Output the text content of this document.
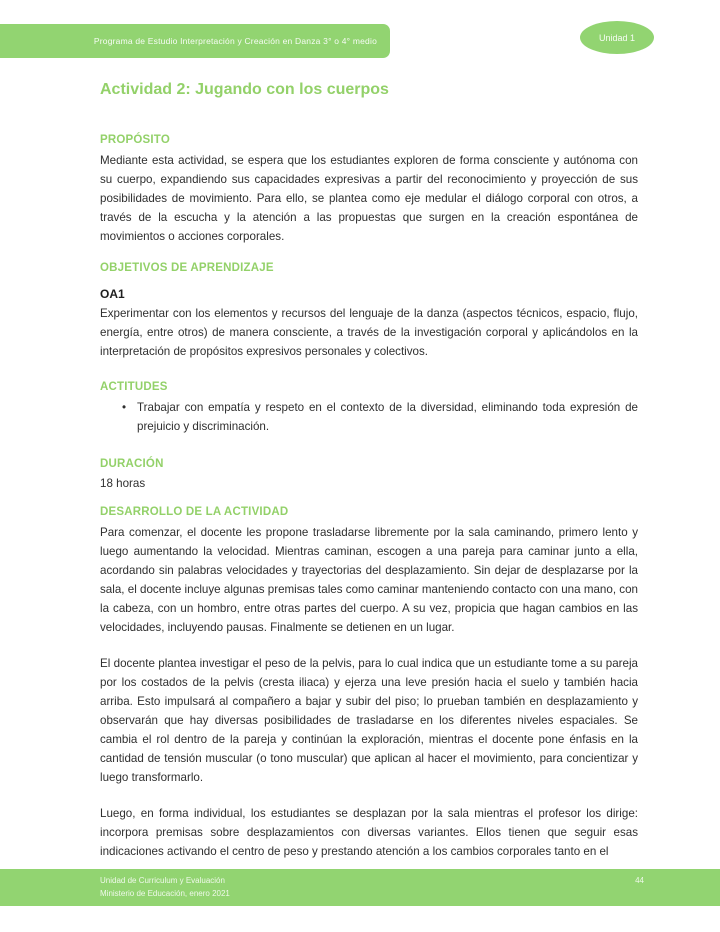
Programa de Estudio Interpretación y Creación en Danza 3° o 4° medio	Unidad 1
Actividad 2: Jugando con los cuerpos
PROPÓSITO

Mediante esta actividad, se espera que los estudiantes exploren de forma consciente y autónoma con su cuerpo, expandiendo sus capacidades expresivas a partir del reconocimiento y proyección de sus posibilidades de movimiento. Para ello, se plantea como eje medular el diálogo corporal con otros, a través de la escucha y la atención a las propuestas que surgen en la creación espontánea de movimientos o acciones corporales.

OBJETIVOS DE APRENDIZAJE

OA1

Experimentar con los elementos y recursos del lenguaje de la danza (aspectos técnicos, espacio, flujo, energía, entre otros) de manera consciente, a través de la investigación corporal y aplicándolos en la interpretación de propósitos expresivos personales y colectivos.

ACTITUDES
• Trabajar con empatía y respeto en el contexto de la diversidad, eliminando toda expresión de prejuicio y discriminación.

DURACIÓN

18 horas

DESARROLLO DE LA ACTIVIDAD

Para comenzar, el docente les propone trasladarse libremente por la sala caminando, primero lento y luego aumentando la velocidad. Mientras caminan, escogen a una pareja para caminar junto a ella, acordando sin palabras velocidades y trayectorias del desplazamiento. Sin dejar de desplazarse por la sala, el docente incluye algunas premisas tales como caminar manteniendo contacto con una mano, con la cabeza, con un hombro, entre otras partes del cuerpo. A su vez, propicia que hagan cambios en las velocidades, incluyendo pausas. Finalmente se detienen en un lugar.

El docente plantea investigar el peso de la pelvis, para lo cual indica que un estudiante tome a su pareja por los costados de la pelvis (cresta iliaca) y ejerza una leve presión hacia el suelo y también hacia arriba. Esto impulsará al compañero a bajar y subir del piso; lo prueban también en desplazamiento y observarán que hay diversas posibilidades de trasladarse en los diferentes niveles espaciales. Se cambia el rol dentro de la pareja y continúan la exploración, mientras el docente pone énfasis en la cantidad de tensión muscular (o tono muscular) que aplican al hacer el movimiento, para concientizar y luego transformarlo.

Luego, en forma individual, los estudiantes se desplazan por la sala mientras el profesor los dirige: incorpora premisas sobre desplazamientos con diversas variantes. Ellos tienen que seguir esas indicaciones activando el centro de peso y prestando atención a los cambios corporales tanto en el

Unidad de Curriculum y Evaluación
Ministerio de Educación, enero 2021
44
